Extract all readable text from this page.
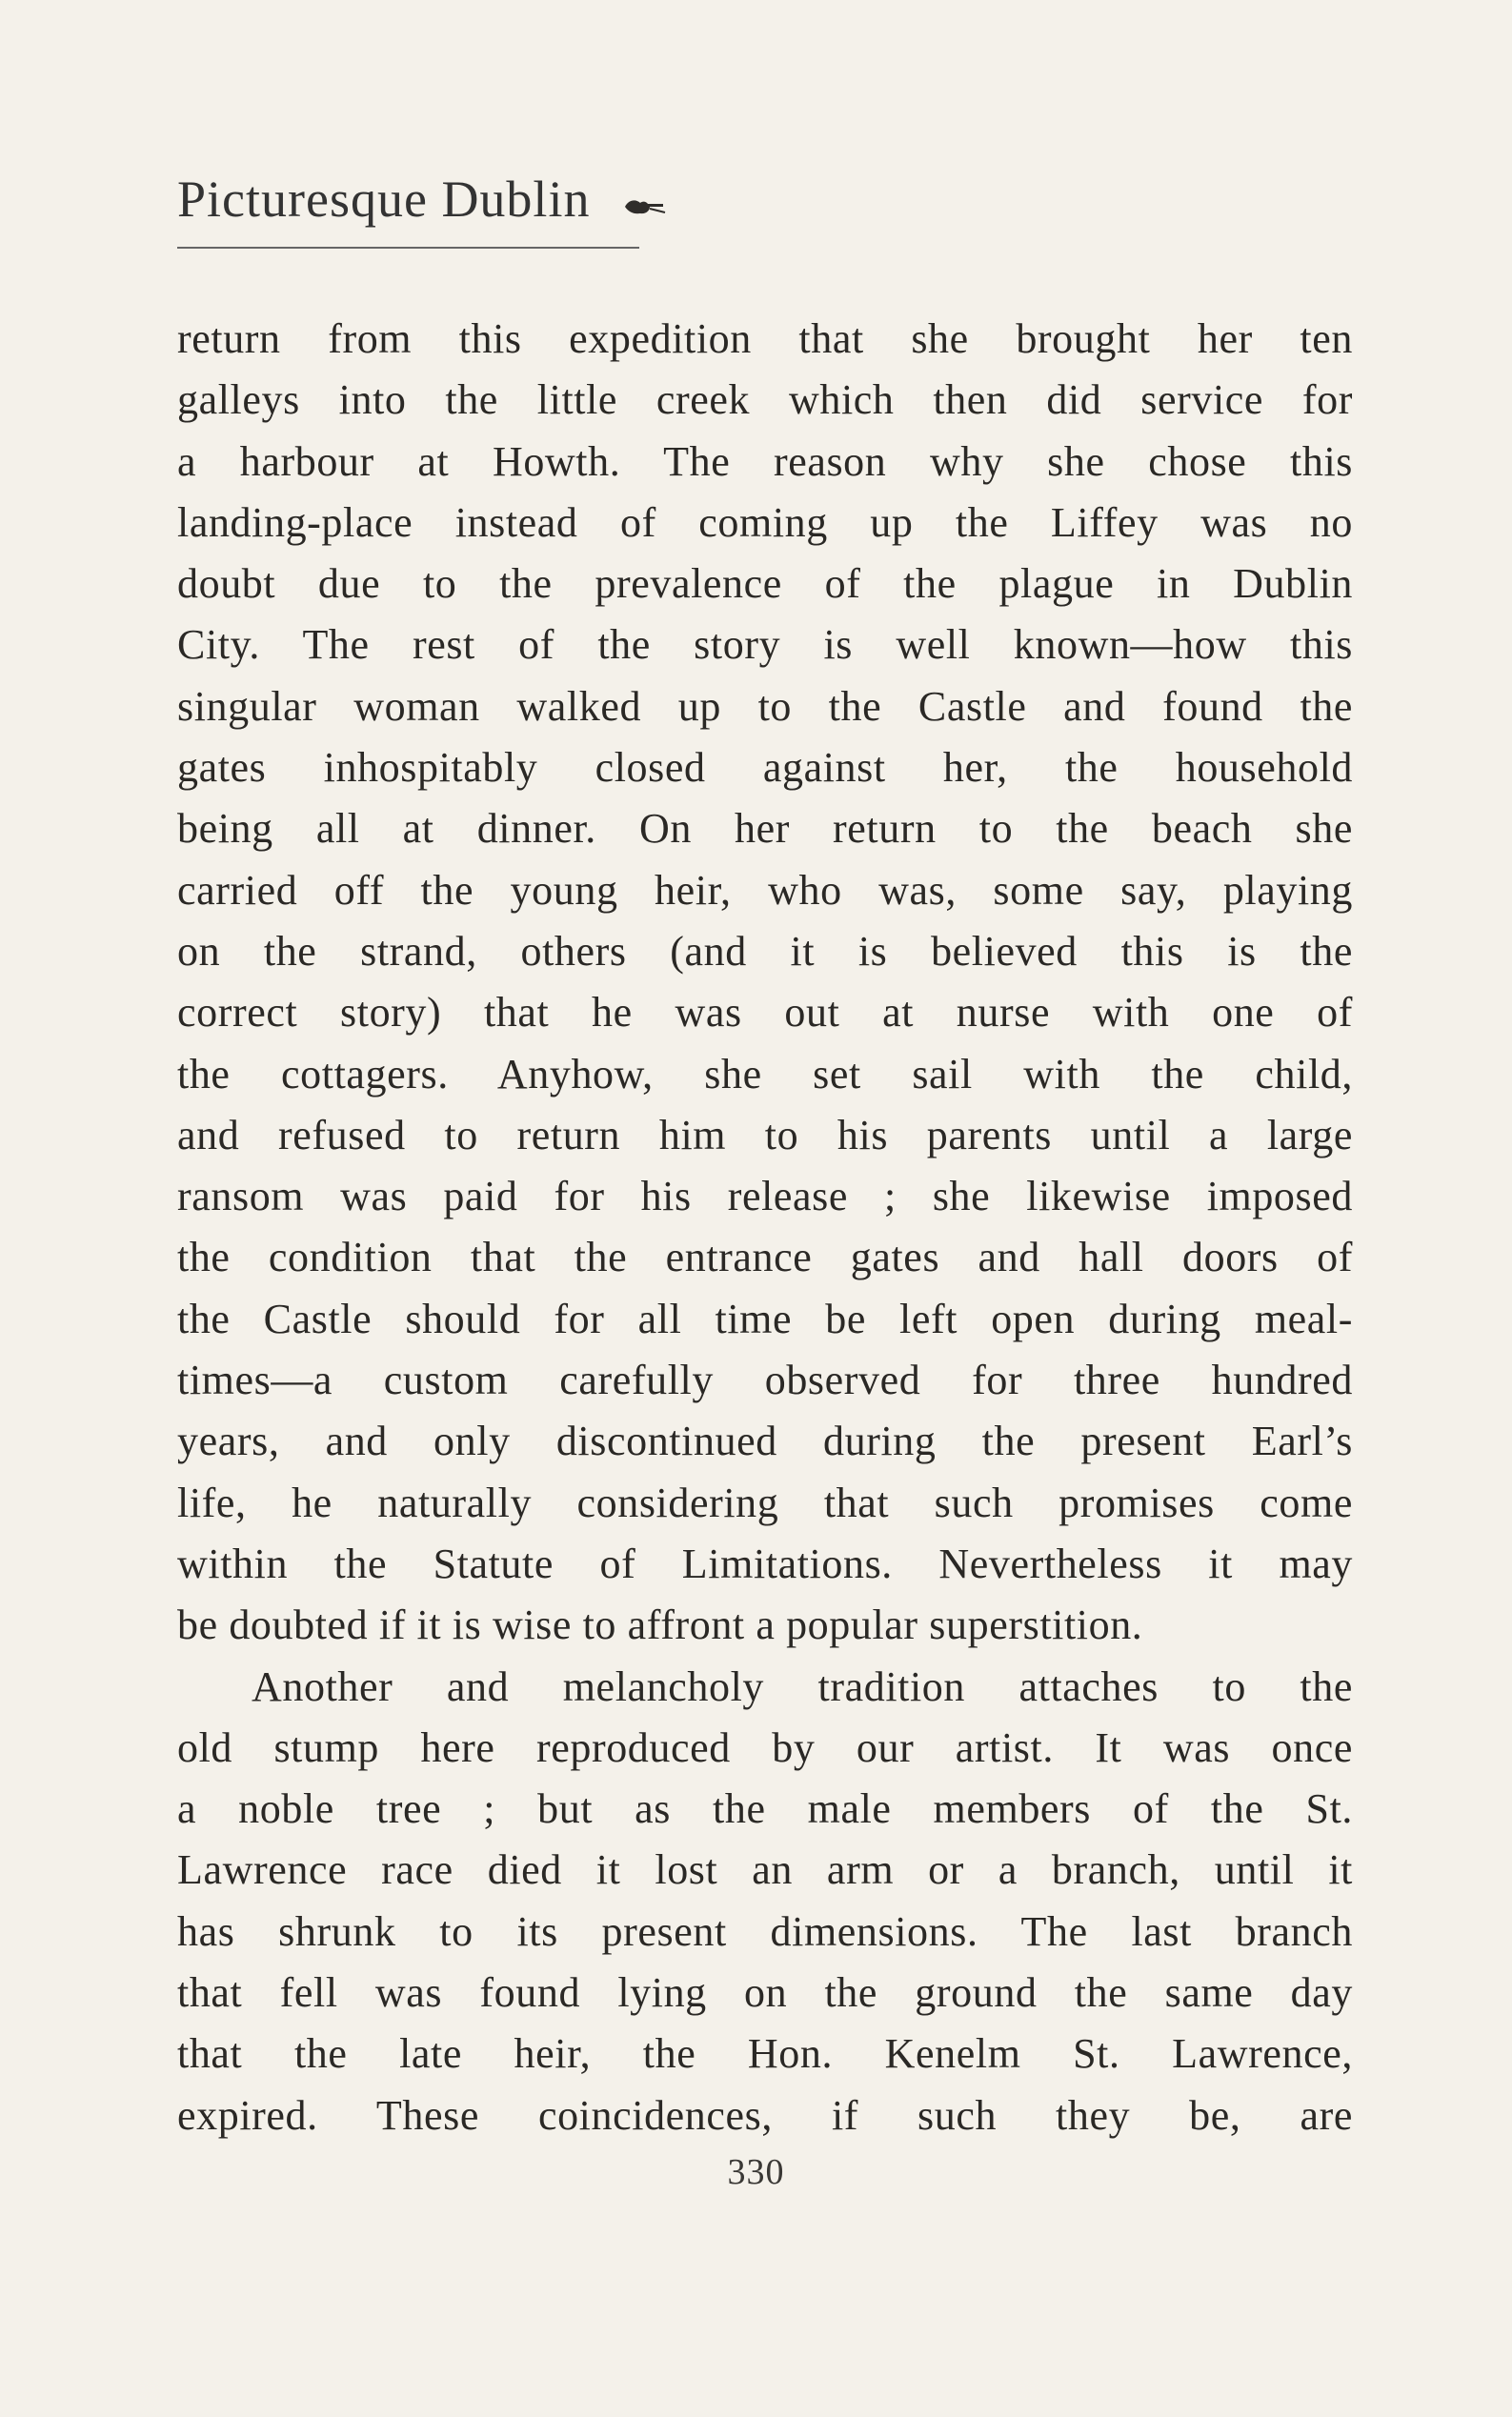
Picturesque Dublin
return from this expedition that she brought her ten
galleys into the little creek which then did service for
a harbour at Howth. The reason why she chose this
landing-place instead of coming up the Liffey was no
doubt due to the prevalence of the plague in Dublin
City. The rest of the story is well known—how this
singular woman walked up to the Castle and found the
gates inhospitably closed against her, the household
being all at dinner. On her return to the beach she
carried off the young heir, who was, some say, playing
on the strand, others (and it is believed this is the
correct story) that he was out at nurse with one of
the cottagers. Anyhow, she set sail with the child,
and refused to return him to his parents until a large
ransom was paid for his release ; she likewise imposed
the condition that the entrance gates and hall doors of
the Castle should for all time be left open during meal-
times—a custom carefully observed for three hundred
years, and only discontinued during the present Earl’s
life, he naturally considering that such promises come
within the Statute of Limitations. Nevertheless it may
be doubted if it is wise to affront a popular superstition.
Another and melancholy tradition attaches to the
old stump here reproduced by our artist. It was once
a noble tree ; but as the male members of the St.
Lawrence race died it lost an arm or a branch, until it
has shrunk to its present dimensions. The last branch
that fell was found lying on the ground the same day
that the late heir, the Hon. Kenelm St. Lawrence,
expired. These coincidences, if such they be, are
330
